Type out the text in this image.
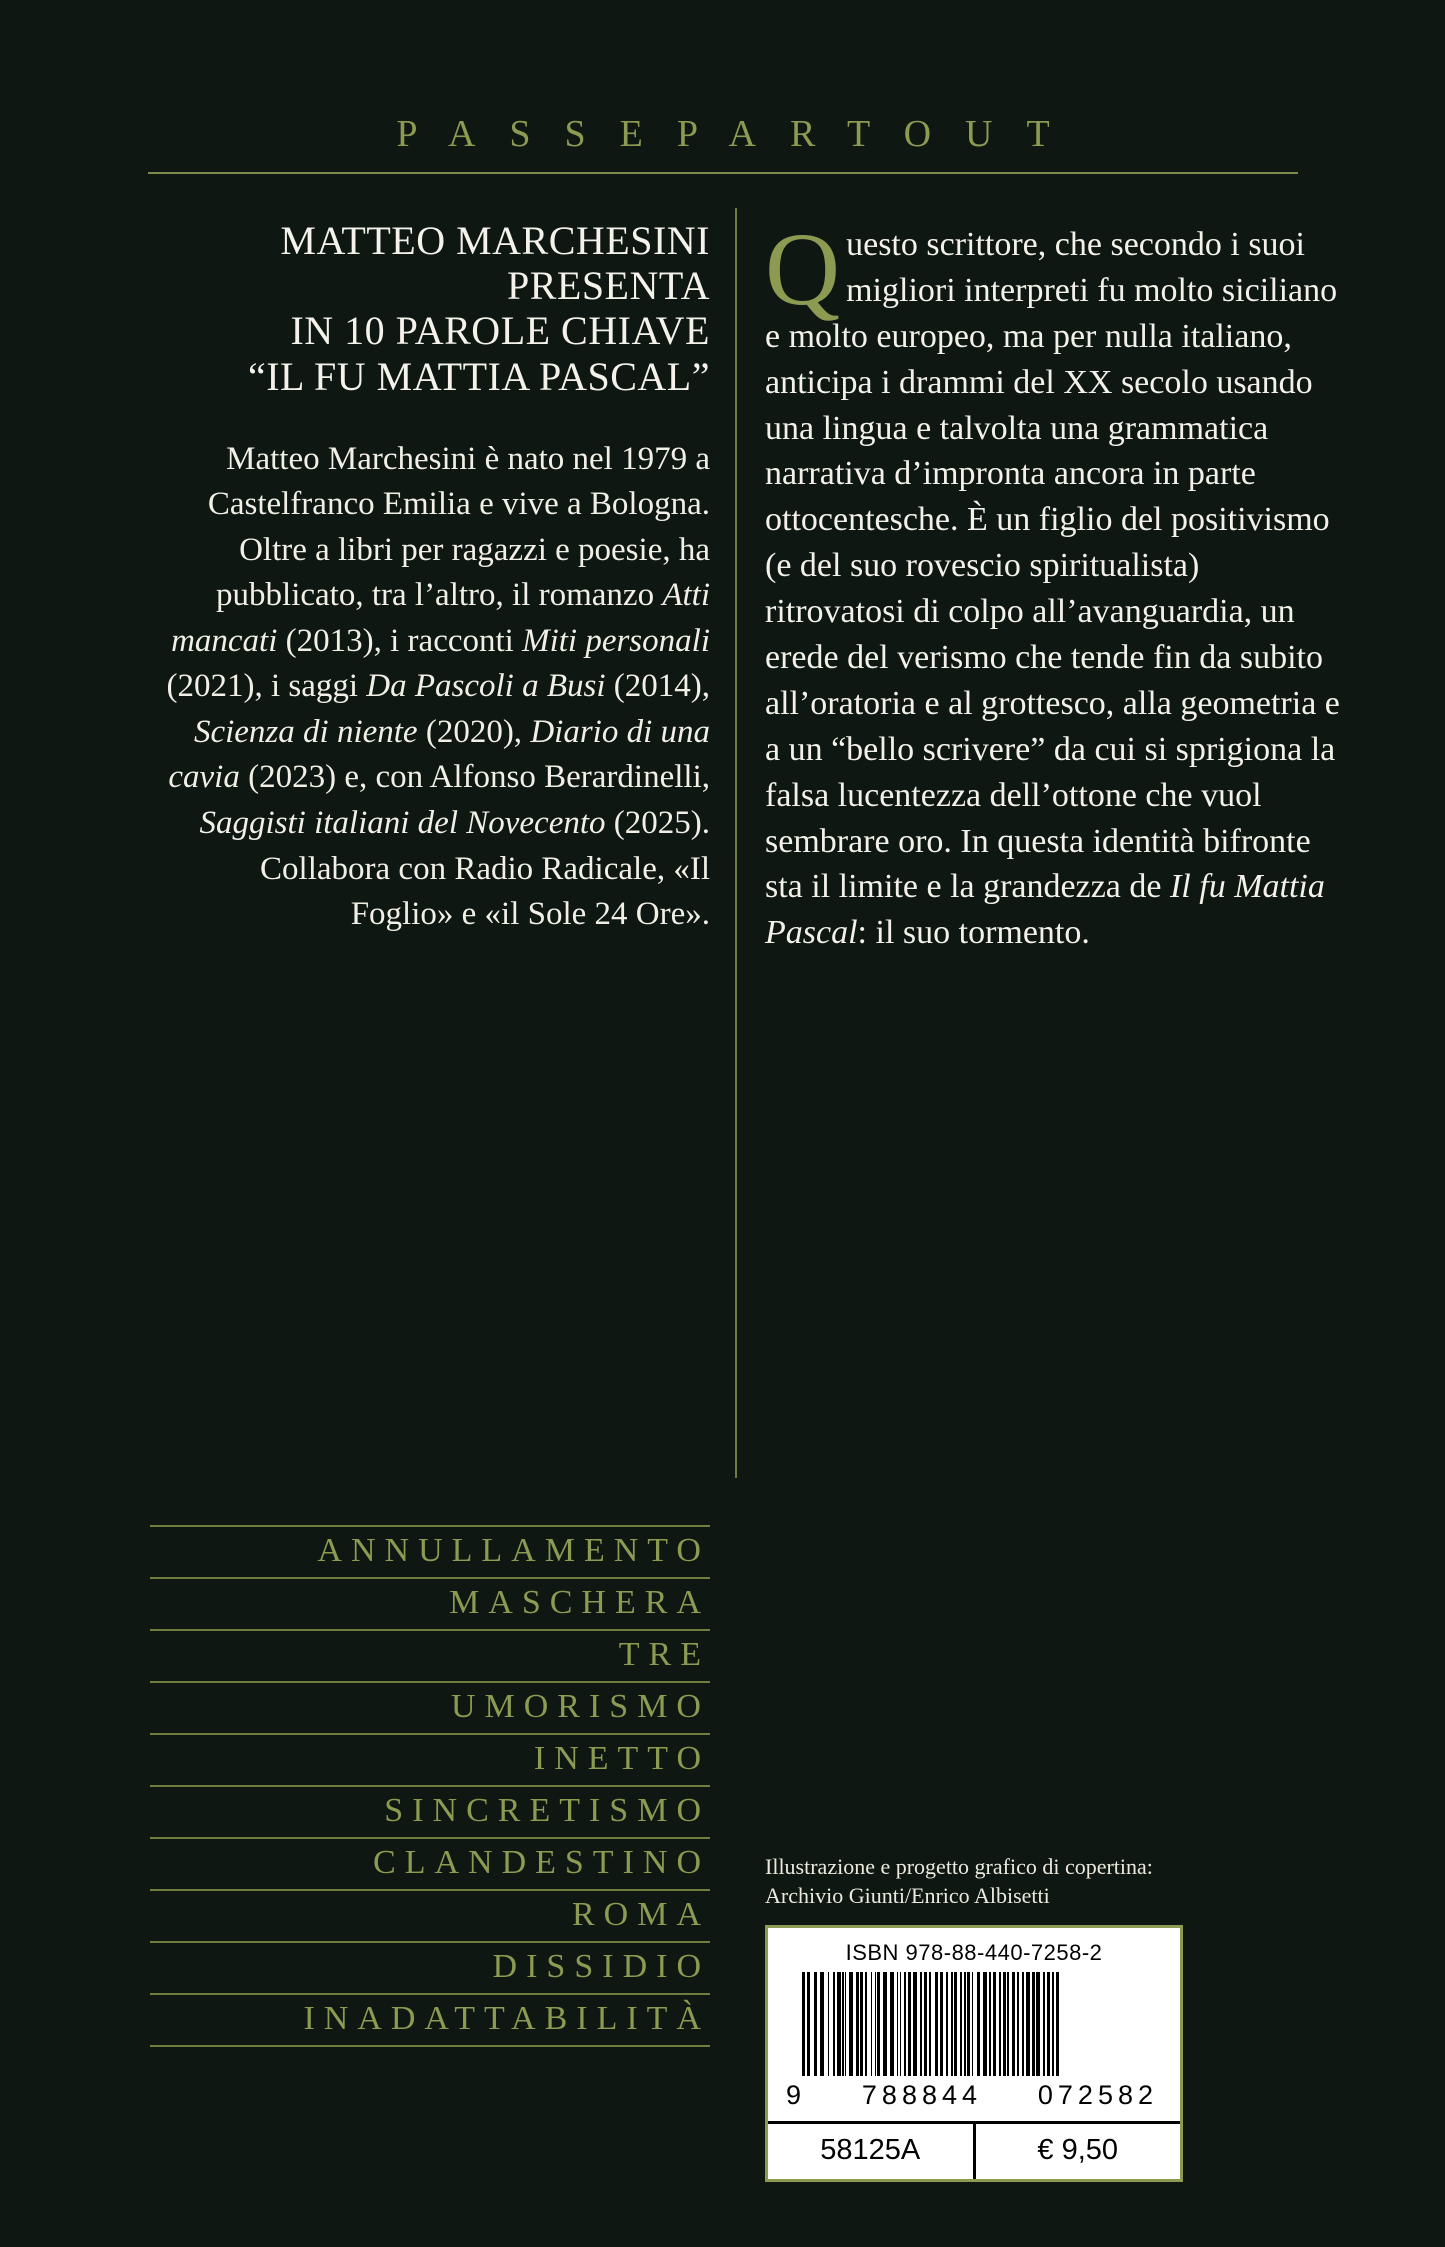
PASSEPARTOUT
MATTEO MARCHESINI
PRESENTA
IN 10 PAROLE CHIAVE
“IL FU MATTIA PASCAL”
Matteo Marchesini è nato nel 1979 a Castelfranco Emilia e vive a Bologna. Oltre a libri per ragazzi e poesie, ha pubblicato, tra l’altro, il romanzo Atti mancati (2013), i racconti Miti personali (2021), i saggi Da Pascoli a Busi (2014), Scienza di niente (2020), Diario di una cavia (2023) e, con Alfonso Berardinelli, Saggisti italiani del Novecento (2025). Collabora con Radio Radicale, «Il Foglio» e «il Sole 24 Ore».
ANNULLAMENTO
MASCHERA
TRE
UMORISMO
INETTO
SINCRETISMO
CLANDESTINO
ROMA
DISSIDIO
INADATTABILITÀ
Questo scrittore, che secondo i suoi migliori interpreti fu molto siciliano e molto europeo, ma per nulla italiano, anticipa i drammi del XX secolo usando una lingua e talvolta una grammatica narrativa d’impronta ancora in parte ottocentesche. È un figlio del positivismo (e del suo rovescio spiritualista) ritrovatosi di colpo all’avanguardia, un erede del verismo che tende fin da subito all’oratoria e al grottesco, alla geometria e a un “bello scrivere” da cui si sprigiona la falsa lucentezza dell’ottone che vuol sembrare oro. In questa identità bifronte sta il limite e la grandezza de Il fu Mattia Pascal: il suo tormento.
Illustrazione e progetto grafico di copertina:
Archivio Giunti/Enrico Albisetti
ISBN 978-88-440-7258-2
9 788844 072582
58125A	€ 9,50
